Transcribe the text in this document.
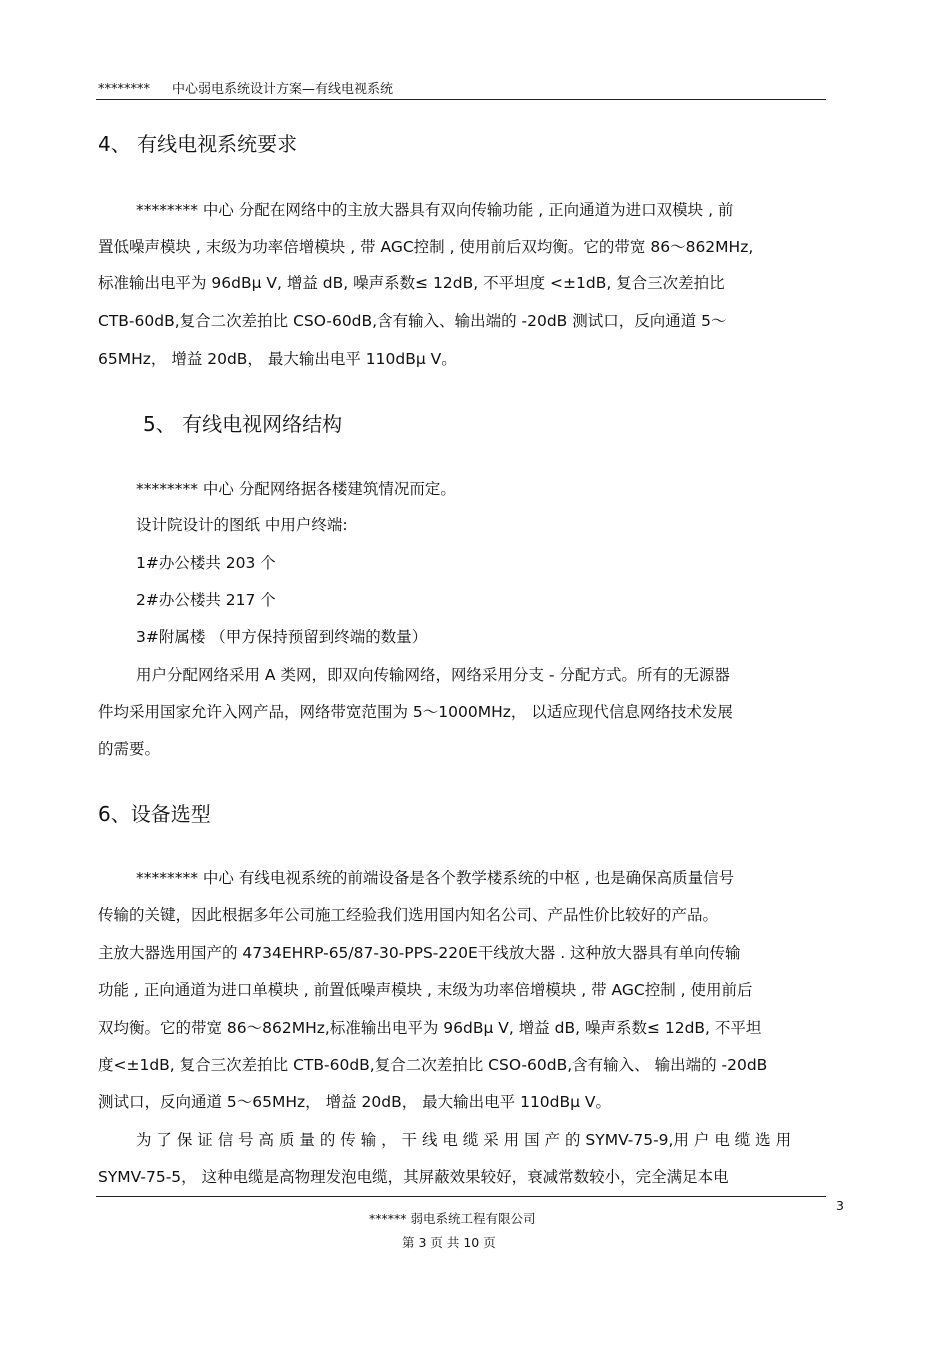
******** 中心弱电系统设计方案—有线电视系统
4、 有线电视系统要求
******** 中心 分配在网络中的主放大器具有双向传输功能 , 正向通道为进口双模块 , 前
置低噪声模块 , 末级为功率倍增模块 , 带 AGC控制 , 使用前后双均衡。它的带宽 86～862MHz,
标准输出电平为 96dBμ V, 增益 dB, 噪声系数≤ 12dB, 不平坦度 <±1dB, 复合三次差拍比
CTB-60dB,复合二次差拍比 CSO-60dB,含有输入、输出端的 -20dB 测试口，反向通道 5～
65MHz， 增益 20dB， 最大输出电平 110dBμ V。
5、 有线电视网络结构
******** 中心 分配网络据各楼建筑情况而定。
设计院设计的图纸 中用户终端:
1#办公楼共 203 个
2#办公楼共 217 个
3#附属楼 （甲方保持预留到终端的数量）
用户分配网络采用 A 类网，即双向传输网络，网络采用分支 - 分配方式。所有的无源器
件均采用国家允许入网产品，网络带宽范围为 5～1000MHz， 以适应现代信息网络技术发展
的需要。
6、设备选型
******** 中心 有线电视系统的前端设备是各个教学楼系统的中枢 , 也是确保高质量信号
传输的关键，因此根据多年公司施工经验我们选用国内知名公司、产品性价比较好的产品。
主放大器选用国产的 4734EHRP-65/87-30-PPS-220E干线放大器 . 这种放大器具有单向传输
功能 , 正向通道为进口单模块 , 前置低噪声模块 , 末级为功率倍增模块 , 带 AGC控制 , 使用前后
双均衡。它的带宽 86～862MHz,标准输出电平为 96dBμ V, 增益 dB, 噪声系数≤ 12dB, 不平坦
度<±1dB, 复合三次差拍比 CTB-60dB,复合二次差拍比 CSO-60dB,含有输入、 输出端的 -20dB
测试口，反向通道 5～65MHz， 增益 20dB， 最大输出电平 110dBμ V。
为 了 保 证 信 号 高 质 量 的 传 输 ， 干 线 电 缆 采 用 国 产 的 SYMV-75-9,用 户 电 缆 选 用
SYMV-75-5， 这种电缆是高物理发泡电缆，其屏蔽效果较好，衰减常数较小，完全满足本电
3
****** 弱电系统工程有限公司
第 3 页 共 10 页
